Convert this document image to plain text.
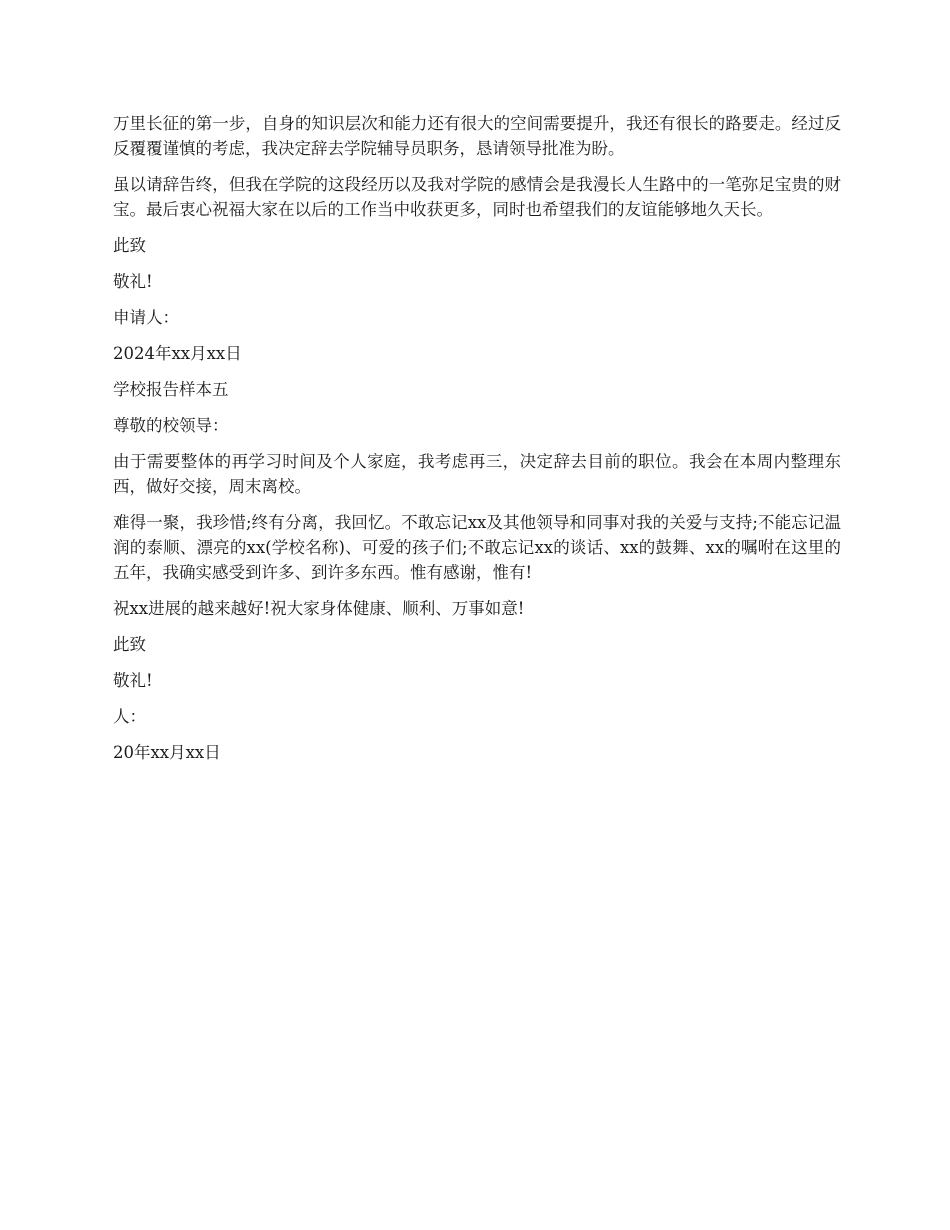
万里长征的第一步，自身的知识层次和能力还有很大的空间需要提升，我还有很长的路要走。经过反反覆覆谨慎的考虑，我决定辞去学院辅导员职务，恳请领导批准为盼。

虽以请辞告终，但我在学院的这段经历以及我对学院的感情会是我漫长人生路中的一笔弥足宝贵的财宝。最后衷心祝福大家在以后的工作当中收获更多，同时也希望我们的友谊能够地久天长。

此致

敬礼!

申请人：

2024年xx月xx日

学校报告样本五

尊敬的校领导：

由于需要整体的再学习时间及个人家庭，我考虑再三，决定辞去目前的职位。我会在本周内整理东西，做好交接，周末离校。

难得一聚，我珍惜;终有分离，我回忆。不敢忘记xx及其他领导和同事对我的关爱与支持;不能忘记温润的泰顺、漂亮的xx(学校名称)、可爱的孩子们;不敢忘记xx的谈话、xx的鼓舞、xx的嘱咐在这里的五年，我确实感受到许多、到许多东西。惟有感谢，惟有!

祝xx进展的越来越好!祝大家身体健康、顺利、万事如意!

此致

敬礼!

人：

20年xx月xx日
